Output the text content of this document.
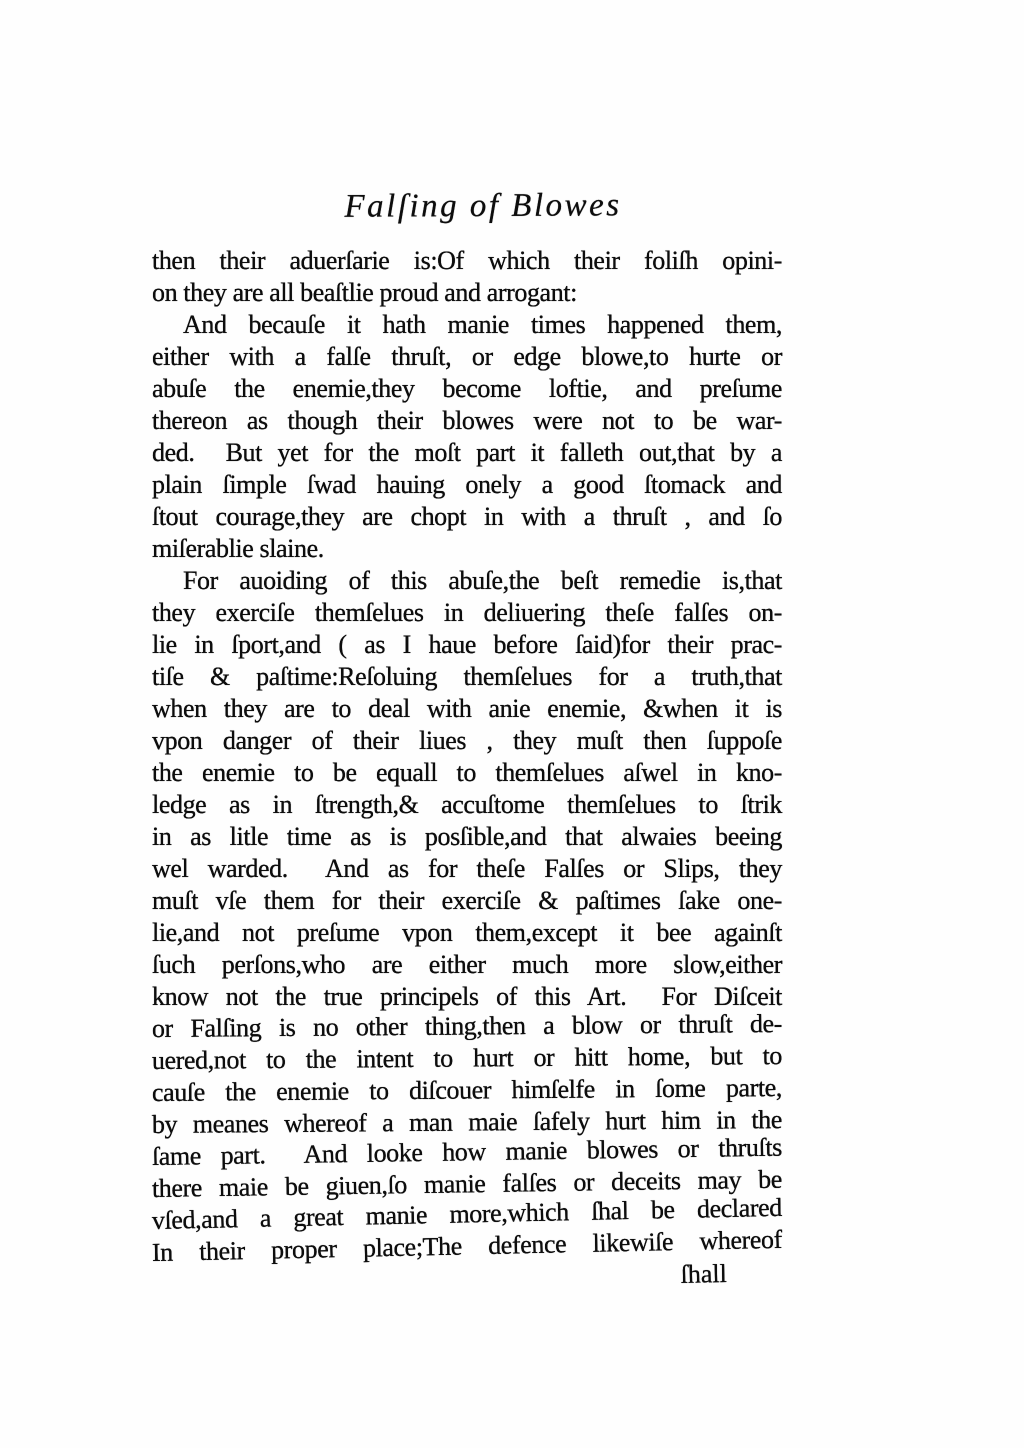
Falſing of Blowes
then their aduerſarie is:Of which their foliſh opini-
on they are all beaſtlie proud and arrogant:
And becauſe it hath manie times happened them,
either with a falſe thruſt, or edge blowe,to hurte or
abuſe the enemie,they become loftie, and preſume
thereon as though their blowes were not to be war-
ded.  But yet for the moſt part it falleth out,that by a
plain ſimple ſwad hauing onely a good ſtomack and
ſtout courage,they are chopt in with a thruſt , and ſo
miſerablie slaine.
For auoiding of this abuſe,the beſt remedie is,that
they exerciſe themſelues in deliuering theſe falſes on-
lie in ſport,and ( as I haue before ſaid)for their prac-
tiſe & paſtime:Reſoluing themſelues for a truth,that
when they are to deal with anie enemie, &when it is
vpon danger of their liues , they muſt then ſuppoſe
the enemie to be equall to themſelues aſwel in kno-
ledge as in ſtrength,& accuſtome themſelues to ſtrik
in as litle time as is posſible,and that alwaies beeing
wel warded.  And as for theſe Falſes or Slips, they
muſt vſe them for their exerciſe & paſtimes ſake one-
lie,and not preſume vpon them,except it bee againſt
ſuch perſons,who are either much more slow,either
know not the true principels of this Art.  For Diſceit
or Falſing is no other thing,then a blow or thruſt de-
uered,not to the intent to hurt or hitt home, but to
cauſe the enemie to diſcouer himſelfe in ſome parte,
by meanes whereof a man maie ſafely hurt him in the
ſame part.  And looke how manie blowes or thruſts
there maie be giuen,ſo manie falſes or deceits may be
vſed,and a great manie more,which ſhal be declared
In their proper place;The defence likewiſe whereof
ſhall
